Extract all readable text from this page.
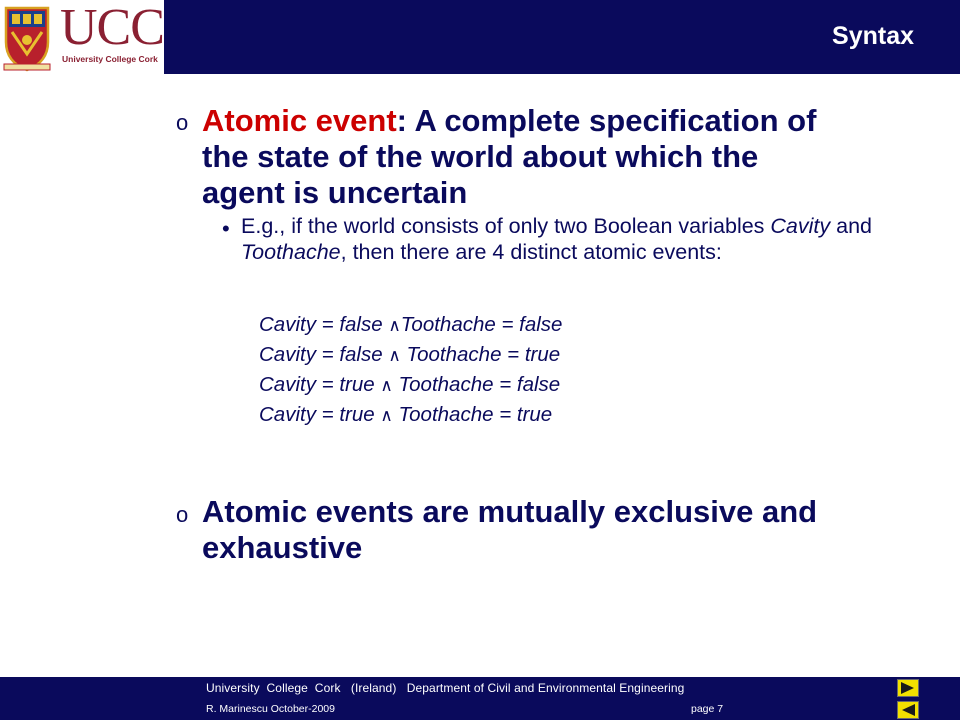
UCC
University College Cork
Syntax
o Atomic event: A complete specification of
the state of the world about which the
agent is uncertain

• E.g., if the world consists of only two Boolean variables Cavity and
Toothache, then there are 4 distinct atomic events:

Cavity = false ∧Toothache = false
Cavity = false ∧ Toothache = true
Cavity = true ∧ Toothache = false
Cavity = true ∧ Toothache = true
o Atomic events are mutually exclusive and
exhaustive

University  College  Cork   (Ireland)   Department of Civil and Environmental Engineering
R. Marinescu October-2009	page 7
